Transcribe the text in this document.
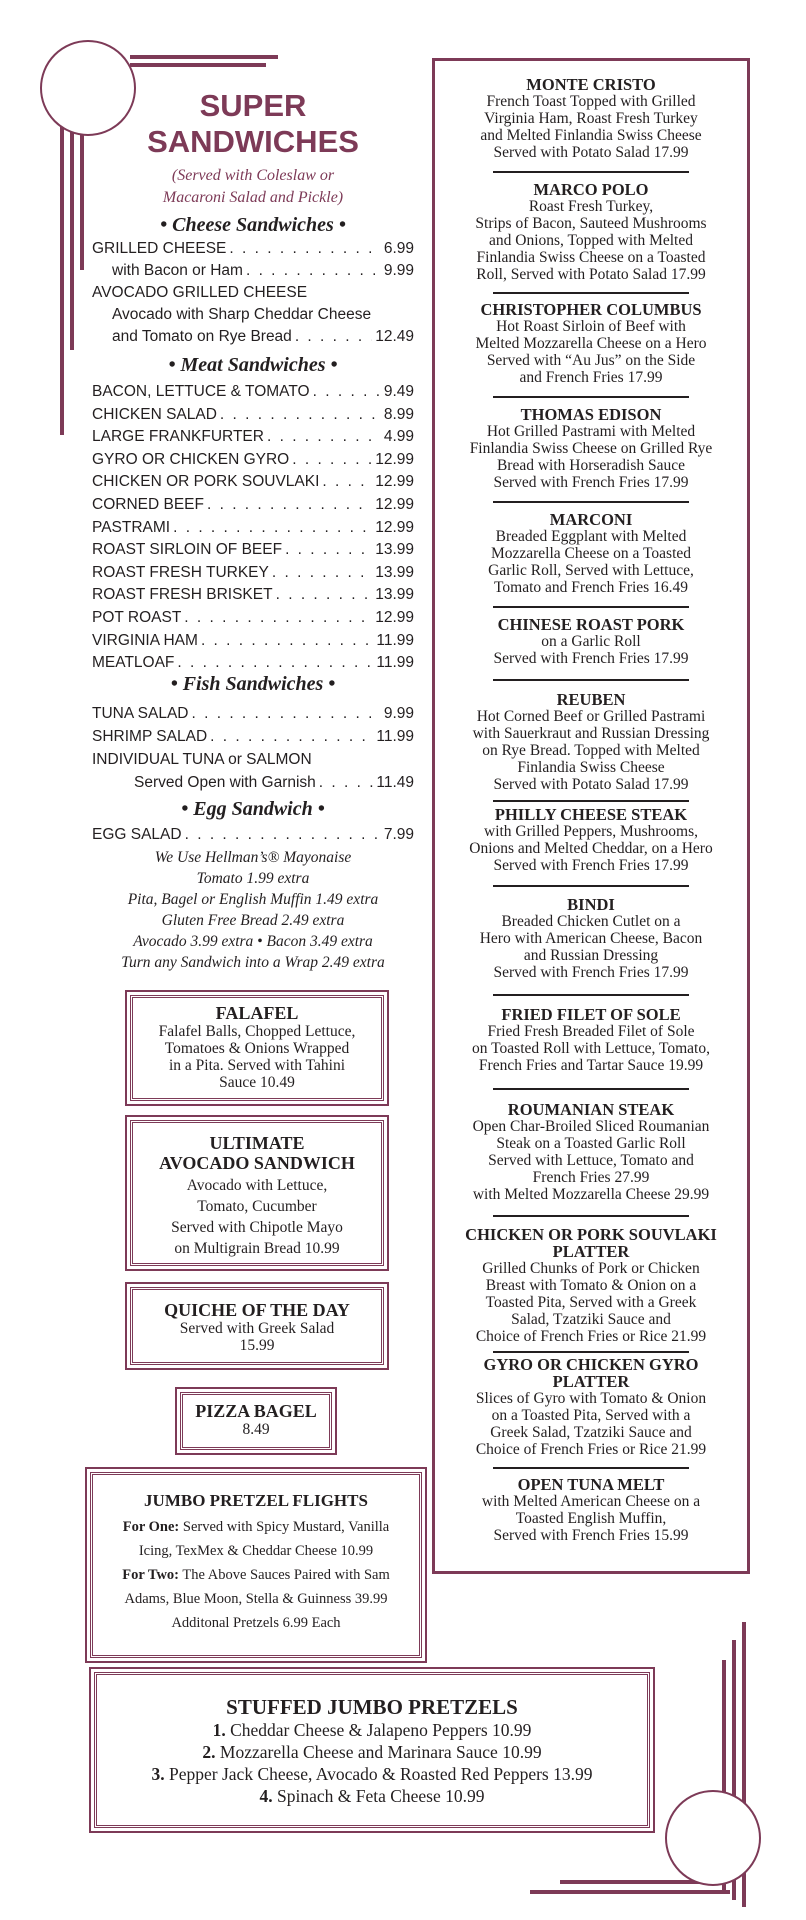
SUPER
SANDWICHES
(Served with Coleslaw or
Macaroni Salad and Pickle)
• Cheese Sandwiches •
GRILLED CHEESE . . .	6.99
with Bacon or Ham . . .	9.99
AVOCADO GRILLED CHEESE
Avocado with Sharp Cheddar Cheese
and Tomato on Rye Bread . . .	12.49
• Meat Sandwiches •
BACON, LETTUCE & TOMATO . . .	9.49
CHICKEN SALAD . . .	8.99
LARGE FRANKFURTER . . .	4.99
GYRO OR CHICKEN GYRO . . .	12.99
CHICKEN OR PORK SOUVLAKI . . .	12.99
CORNED BEEF . . .	12.99
PASTRAMI . . .	12.99
ROAST SIRLOIN OF BEEF . . .	13.99
ROAST FRESH TURKEY . . .	13.99
ROAST FRESH BRISKET . . .	13.99
POT ROAST . . .	12.99
VIRGINIA HAM . . .	11.99
MEATLOAF . . .	11.99
• Fish Sandwiches •
TUNA SALAD . . .	9.99
SHRIMP SALAD . . .	11.99
INDIVIDUAL TUNA or SALMON
Served Open with Garnish . . .	11.49
• Egg Sandwich •
EGG SALAD . . .	7.99
We Use Hellman’s® Mayonaise
Tomato 1.99 extra
Pita, Bagel or English Muffin 1.49 extra
Gluten Free Bread 2.49 extra
Avocado 3.99 extra • Bacon 3.49 extra
Turn any Sandwich into a Wrap 2.49 extra
FALAFEL
Falafel Balls, Chopped Lettuce,
Tomatoes & Onions Wrapped
in a Pita. Served with Tahini
Sauce 10.49
ULTIMATE
AVOCADO SANDWICH
Avocado with Lettuce,
Tomato, Cucumber
Served with Chipotle Mayo
on Multigrain Bread 10.99
QUICHE OF THE DAY
Served with Greek Salad
15.99
PIZZA BAGEL
8.49
JUMBO PRETZEL FLIGHTS
For One: Served with Spicy Mustard, Vanilla
Icing, TexMex & Cheddar Cheese 10.99
For Two: The Above Sauces Paired with Sam
Adams, Blue Moon, Stella & Guinness 39.99
Additonal Pretzels 6.99 Each
MONTE CRISTO
French Toast Topped with Grilled
Virginia Ham, Roast Fresh Turkey
and Melted Finlandia Swiss Cheese
Served with Potato Salad 17.99
MARCO POLO
Roast Fresh Turkey,
Strips of Bacon, Sauteed Mushrooms
and Onions, Topped with Melted
Finlandia Swiss Cheese on a Toasted
Roll, Served with Potato Salad 17.99
CHRISTOPHER COLUMBUS
Hot Roast Sirloin of Beef with
Melted Mozzarella Cheese on a Hero
Served with “Au Jus” on the Side
and French Fries 17.99
THOMAS EDISON
Hot Grilled Pastrami with Melted
Finlandia Swiss Cheese on Grilled Rye
Bread with Horseradish Sauce
Served with French Fries 17.99
MARCONI
Breaded Eggplant with Melted
Mozzarella Cheese on a Toasted
Garlic Roll, Served with Lettuce,
Tomato and French Fries 16.49
CHINESE ROAST PORK
on a Garlic Roll
Served with French Fries 17.99
REUBEN
Hot Corned Beef or Grilled Pastrami
with Sauerkraut and Russian Dressing
on Rye Bread. Topped with Melted
Finlandia Swiss Cheese
Served with Potato Salad 17.99
PHILLY CHEESE STEAK
with Grilled Peppers, Mushrooms,
Onions and Melted Cheddar, on a Hero
Served with French Fries 17.99
BINDI
Breaded Chicken Cutlet on a
Hero with American Cheese, Bacon
and Russian Dressing
Served with French Fries 17.99
FRIED FILET OF SOLE
Fried Fresh Breaded Filet of Sole
on Toasted Roll with Lettuce, Tomato,
French Fries and Tartar Sauce 19.99
ROUMANIAN STEAK
Open Char-Broiled Sliced Roumanian
Steak on a Toasted Garlic Roll
Served with Lettuce, Tomato and
French Fries 27.99
with Melted Mozzarella Cheese 29.99
CHICKEN OR PORK SOUVLAKI
PLATTER
Grilled Chunks of Pork or Chicken
Breast with Tomato & Onion on a
Toasted Pita, Served with a Greek
Salad, Tzatziki Sauce and
Choice of French Fries or Rice 21.99
GYRO OR CHICKEN GYRO
PLATTER
Slices of Gyro with Tomato & Onion
on a Toasted Pita, Served with a
Greek Salad, Tzatziki Sauce and
Choice of French Fries or Rice 21.99
OPEN TUNA MELT
with Melted American Cheese on a
Toasted English Muffin,
Served with French Fries 15.99
STUFFED JUMBO PRETZELS
1. Cheddar Cheese & Jalapeno Peppers 10.99
2. Mozzarella Cheese and Marinara Sauce 10.99
3. Pepper Jack Cheese, Avocado & Roasted Red Peppers 13.99
4. Spinach & Feta Cheese 10.99
